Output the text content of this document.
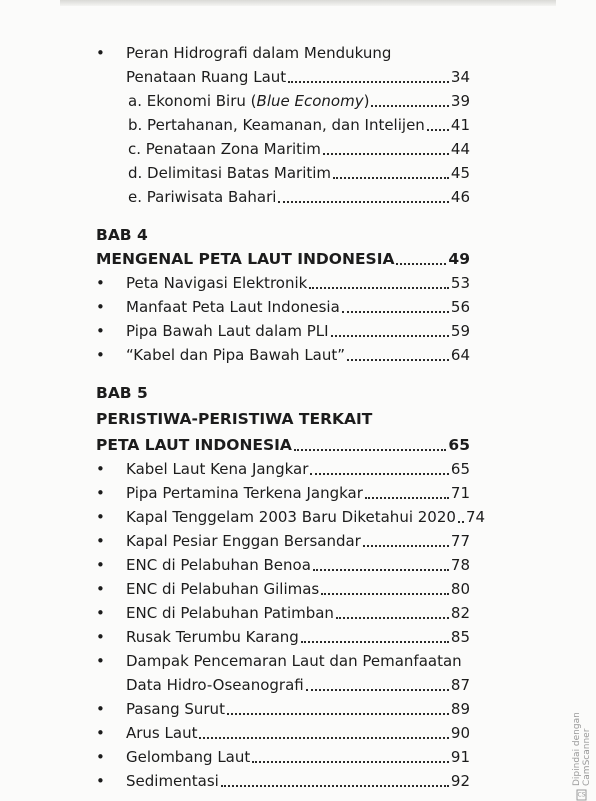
• Peran Hidrografi dalam Mendukung
Penataan Ruang Laut	34
a. Ekonomi Biru (Blue Economy)	39
b. Pertahanan, Keamanan, dan Intelijen 41
c. Penataan Zona Maritim	44
d. Delimitasi Batas Maritim	45
e. Pariwisata Bahari	46
BAB 4
MENGENAL PETA LAUT INDONESIA	49
• Peta Navigasi Elektronik	53
• Manfaat Peta Laut Indonesia	56
• Pipa Bawah Laut dalam PLI	59
• “Kabel dan Pipa Bawah Laut”	64
BAB 5
PERISTIWA-PERISTIWA TERKAIT
PETA LAUT INDONESIA	65
• Kabel Laut Kena Jangkar	65
• Pipa Pertamina Terkena Jangkar	71
• Kapal Tenggelam 2003 Baru Diketahui 2020 74
• Kapal Pesiar Enggan Bersandar	77
• ENC di Pelabuhan Benoa	78
• ENC di Pelabuhan Gilimas	80
• ENC di Pelabuhan Patimban	82
• Rusak Terumbu Karang	85
• Dampak Pencemaran Laut dan Pemanfaatan
Data Hidro-Oseanografi	87
• Pasang Surut	89
• Arus Laut	90
• Gelombang Laut	91
• Sedimentasi	92
CS
Dipindai dengan CamScanner
